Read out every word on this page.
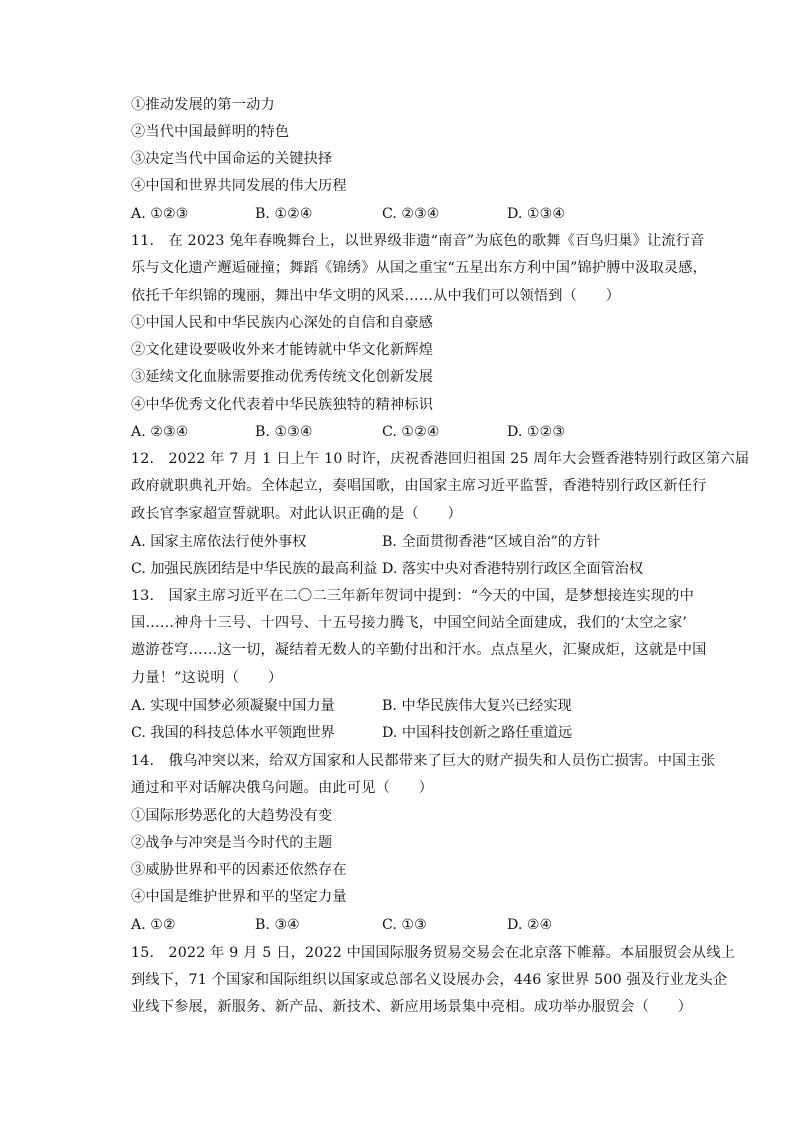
①推动发展的第一动力
②当代中国最鲜明的特色
③决定当代中国命运的关键抉择
④中国和世界共同发展的伟大历程
A. ①②③	B. ①②④	C. ②③④	D. ①③④
11.　在 2023 兔年春晚舞台上，以世界级非遗“南音”为底色的歌舞《百鸟归巢》让流行音
乐与文化遗产邂逅碰撞；舞蹈《锦绣》从国之重宝“五星出东方利中国”锦护膊中汲取灵感，
依托千年织锦的瑰丽，舞出中华文明的风采……从中我们可以领悟到（　　）
①中国人民和中华民族内心深处的自信和自豪感
②文化建设要吸收外来才能铸就中华文化新辉煌
③延续文化血脉需要推动优秀传统文化创新发展
④中华优秀文化代表着中华民族独特的精神标识
A. ②③④	B. ①③④	C. ①②④	D. ①②③
12.　2022 年 7 月 1 日上午 10 时许，庆祝香港回归祖国 25 周年大会暨香港特别行政区第六届
政府就职典礼开始。全体起立，奏唱国歌，由国家主席习近平监誓，香港特别行政区新任行
政长官李家超宣誓就职。对此认识正确的是（　　）
A. 国家主席依法行使外事权	B. 全面贯彻香港“区域自治”的方针
C. 加强民族团结是中华民族的最高利益 D. 落实中央对香港特别行政区全面管治权
13.　国家主席习近平在二〇二三年新年贺词中提到：“今天的中国，是梦想接连实现的中
国……神舟十三号、十四号、十五号接力腾飞，中国空间站全面建成，我们的‘太空之家’
遨游苍穹……这一切，凝结着无数人的辛勤付出和汗水。点点星火，汇聚成炬，这就是中国
力量！”这说明（　　）
A. 实现中国梦必须凝聚中国力量	B. 中华民族伟大复兴已经实现
C. 我国的科技总体水平领跑世界	D. 中国科技创新之路任重道远
14.　俄乌冲突以来，给双方国家和人民都带来了巨大的财产损失和人员伤亡损害。中国主张
通过和平对话解决俄乌问题。由此可见（　　）
①国际形势恶化的大趋势没有变
②战争与冲突是当今时代的主题
③威胁世界和平的因素还依然存在
④中国是维护世界和平的坚定力量
A. ①②	B. ③④	C. ①③	D. ②④
15.　2022 年 9 月 5 日，2022 中国国际服务贸易交易会在北京落下帷幕。本届服贸会从线上
到线下，71 个国家和国际组织以国家或总部名义设展办会，446 家世界 500 强及行业龙头企
业线下参展，新服务、新产品、新技术、新应用场景集中亮相。成功举办服贸会（　　）
